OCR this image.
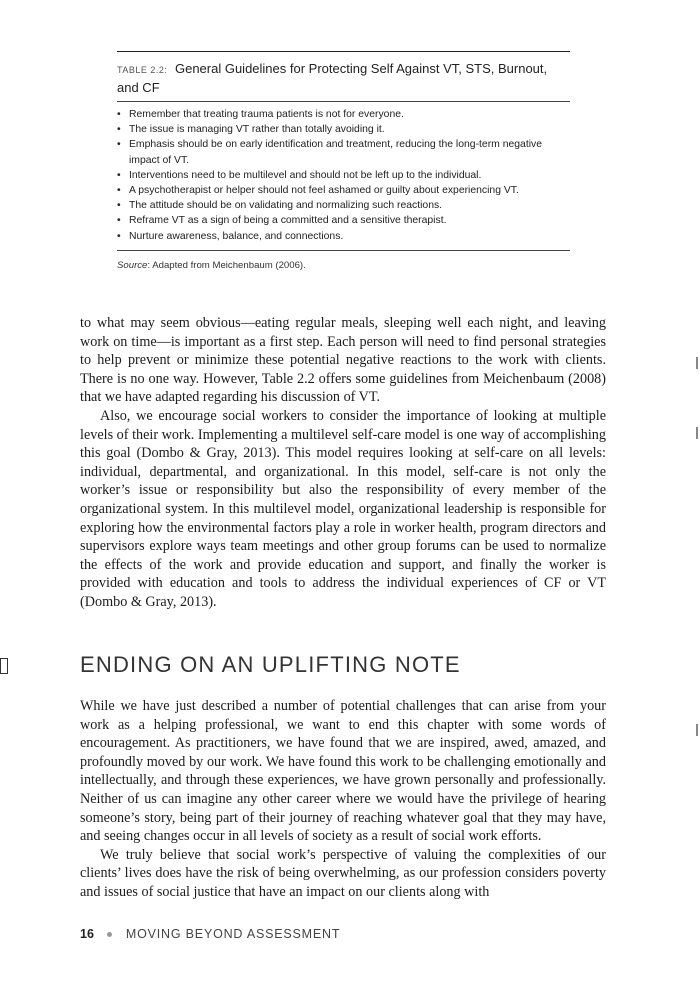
TABLE 2.2: General Guidelines for Protecting Self Against VT, STS, Burnout, and CF
• Remember that treating trauma patients is not for everyone.
• The issue is managing VT rather than totally avoiding it.
• Emphasis should be on early identification and treatment, reducing the long-term negative impact of VT.
• Interventions need to be multilevel and should not be left up to the individual.
• A psychotherapist or helper should not feel ashamed or guilty about experiencing VT.
• The attitude should be on validating and normalizing such reactions.
• Reframe VT as a sign of being a committed and a sensitive therapist.
• Nurture awareness, balance, and connections.
Source: Adapted from Meichenbaum (2006).

to what may seem obvious—eating regular meals, sleeping well each night, and leaving work on time—is important as a first step. Each person will need to find personal strategies to help prevent or minimize these potential negative reactions to the work with clients. There is no one way. However, Table 2.2 offers some guidelines from Meichenbaum (2008) that we have adapted regarding his discussion of VT.

Also, we encourage social workers to consider the importance of looking at multiple levels of their work. Implementing a multilevel self-care model is one way of accomplishing this goal (Dombo & Gray, 2013). This model requires looking at self-care on all levels: individual, departmental, and organizational. In this model, self-care is not only the worker’s issue or responsibility but also the responsibility of every member of the organizational system. In this multilevel model, organizational leadership is responsible for exploring how the environmental factors play a role in worker health, program directors and supervisors explore ways team meetings and other group forums can be used to normalize the effects of the work and provide education and support, and finally the worker is provided with education and tools to address the individual experiences of CF or VT (Dombo & Gray, 2013).

ENDING ON AN UPLIFTING NOTE

While we have just described a number of potential challenges that can arise from your work as a helping professional, we want to end this chapter with some words of encouragement. As practitioners, we have found that we are inspired, awed, amazed, and profoundly moved by our work. We have found this work to be challenging emotionally and intellectually, and through these experiences, we have grown personally and professionally. Neither of us can imagine any other career where we would have the privilege of hearing someone’s story, being part of their journey of reaching whatever goal that they may have, and seeing changes occur in all levels of society as a result of social work efforts.

We truly believe that social work’s perspective of valuing the complexities of our clients’ lives does have the risk of being overwhelming, as our profession considers poverty and issues of social justice that have an impact on our clients along with

16	MOVING BEYOND ASSESSMENT
